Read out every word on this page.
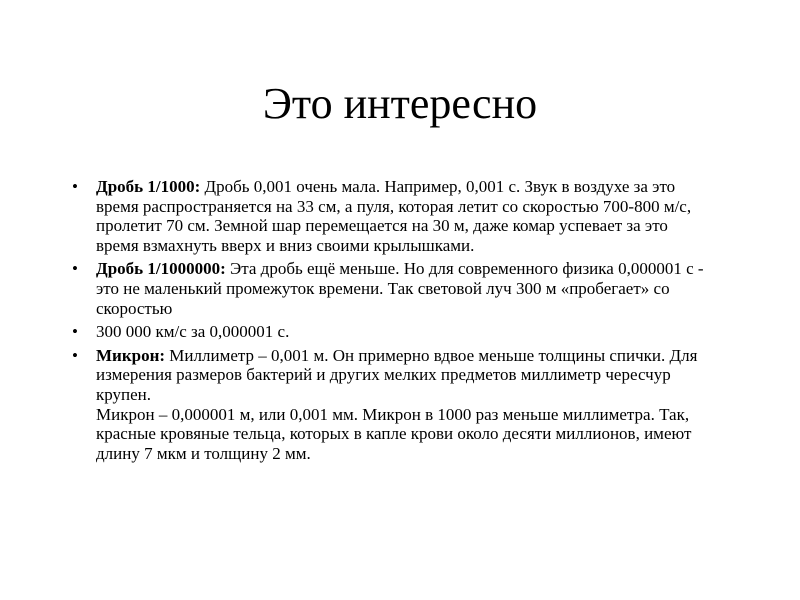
Это интересно
•	Дробь 1/1000: Дробь 0,001 очень мала. Например, 0,001 с. Звук в воздухе за это время распространяется на 33 см, а пуля, которая летит со скоростью 700-800 м/с, пролетит 70 см. Земной шар перемещается на 30 м, даже комар успевает за это время взмахнуть вверх и вниз своими крылышками.
•	Дробь 1/1000000: Эта дробь ещё меньше. Но для современного физика 0,000001 с - это не маленький промежуток времени. Так световой луч 300 м «пробегает» со скоростью
•	300 000 км/с за 0,000001 с.
•	Микрон: Миллиметр – 0,001 м. Он примерно вдвое меньше толщины спички. Для измерения размеров бактерий и других мелких предметов миллиметр чересчур крупен.
Микрон – 0,000001 м, или 0,001 мм. Микрон в 1000 раз меньше миллиметра. Так, красные кровяные тельца, которых в капле крови около десяти миллионов, имеют длину 7 мкм и толщину 2 мм.
